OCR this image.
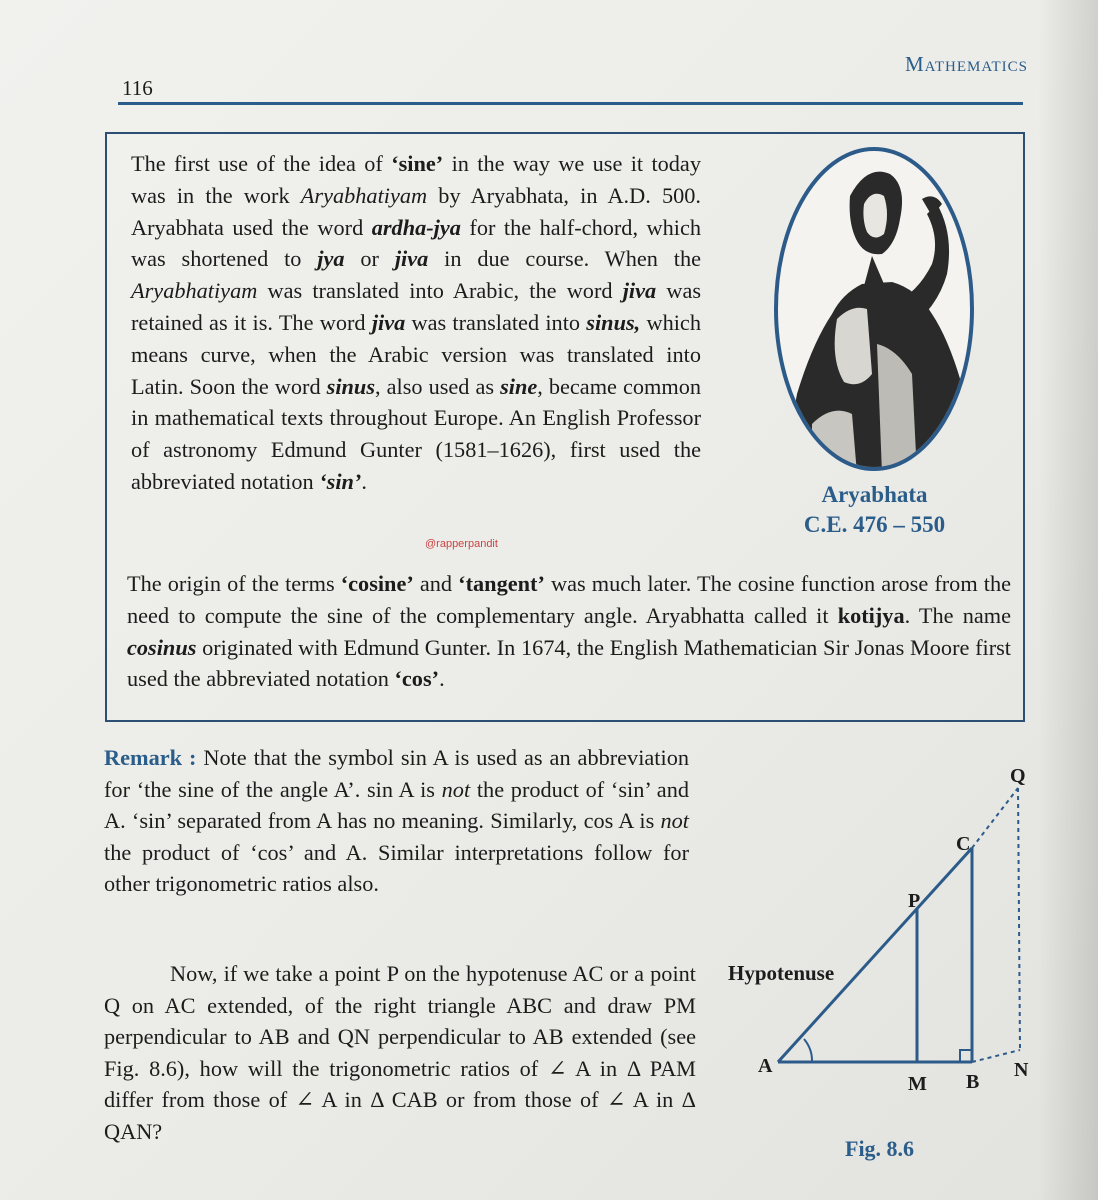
Mathematics
116
The first use of the idea of ‘sine’ in the way we use it today was in the work Aryabhatiyam by Aryabhata, in A.D. 500. Aryabhata used the word ardha-jya for the half-chord, which was shortened to jya or jiva in due course. When the Aryabhatiyam was translated into Arabic, the word jiva was retained as it is. The word jiva was translated into sinus, which means curve, when the Arabic version was translated into Latin. Soon the word sinus, also used as sine, became common in mathematical texts throughout Europe. An English Professor of astronomy Edmund Gunter (1581–1626), first used the abbreviated notation ‘sin’.
Aryabhata
C.E. 476 – 550
@rapperpandit
The origin of the terms ‘cosine’ and ‘tangent’ was much later. The cosine function arose from the need to compute the sine of the complementary angle. Aryabhatta called it kotijya. The name cosinus originated with Edmund Gunter. In 1674, the English Mathematician Sir Jonas Moore first used the abbreviated notation ‘cos’.
Remark : Note that the symbol sin A is used as an abbreviation for ‘the sine of the angle A’. sin A is not the product of ‘sin’ and A. ‘sin’ separated from A has no meaning. Similarly, cos A is not the product of ‘cos’ and A. Similar interpretations follow for other trigonometric ratios also.
Now, if we take a point P on the hypotenuse AC or a point Q on AC extended, of the right triangle ABC and draw PM perpendicular to AB and QN perpendicular to AB extended (see Fig. 8.6), how will the trigonometric ratios of ∠ A in Δ PAM differ from those of ∠ A in Δ CAB or from those of ∠ A in Δ QAN?
Hypotenuse
A
M B
N
P
C
Q
Fig. 8.6
